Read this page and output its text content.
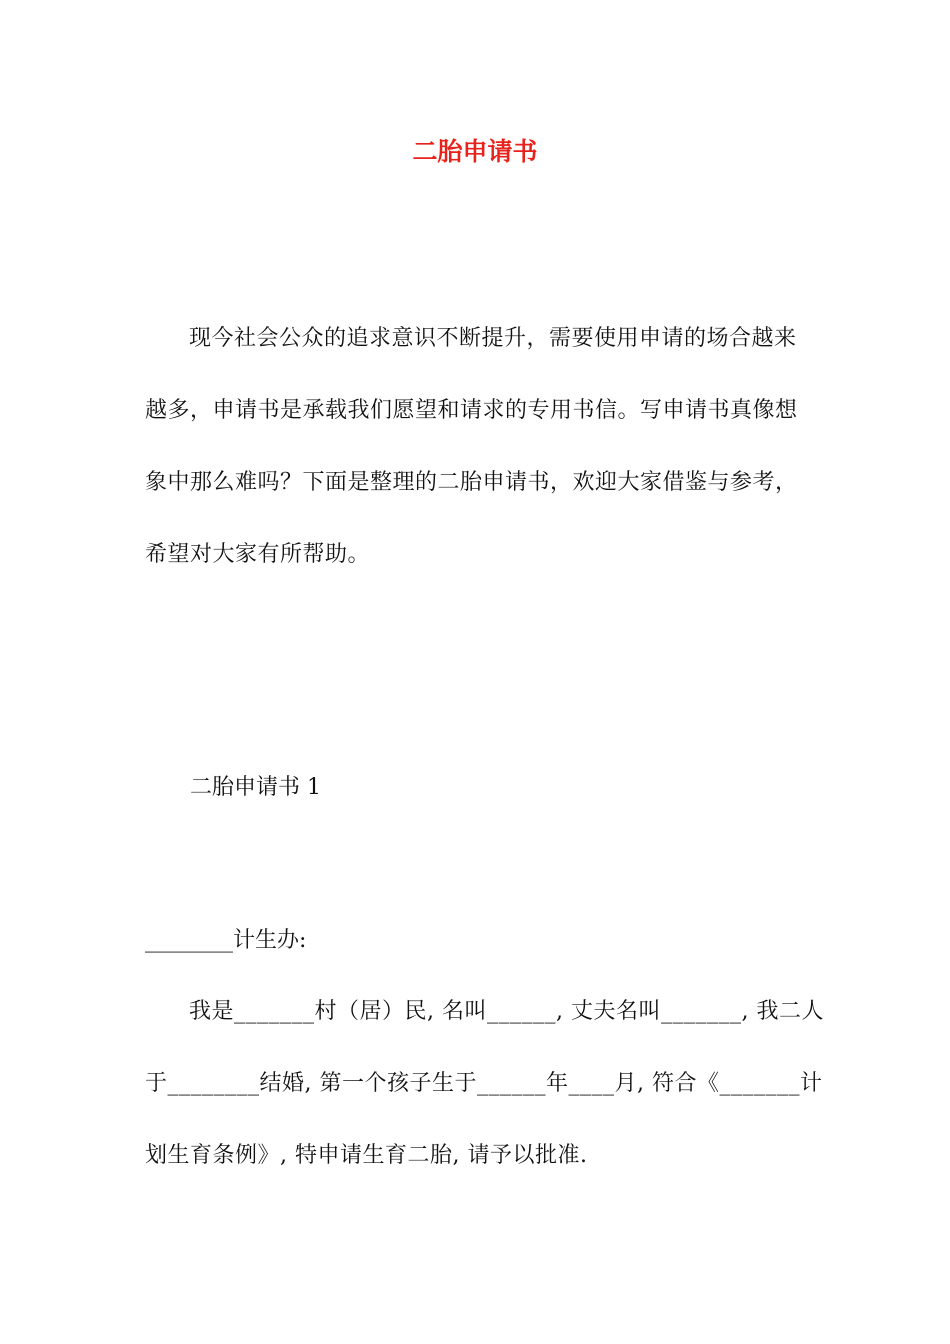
二胎申请书
现今社会公众的追求意识不断提升，需要使用申请的场合越来
越多，申请书是承载我们愿望和请求的专用书信。写申请书真像想
象中那么难吗？下面是整理的二胎申请书，欢迎大家借鉴与参考，
希望对大家有所帮助。

二胎申请书 1

________计生办:

我是_______村（居）民, 名叫______, 丈夫名叫_______, 我二人
于________结婚, 第一个孩子生于______年____月, 符合《_______计
划生育条例》, 特申请生育二胎, 请予以批准.
